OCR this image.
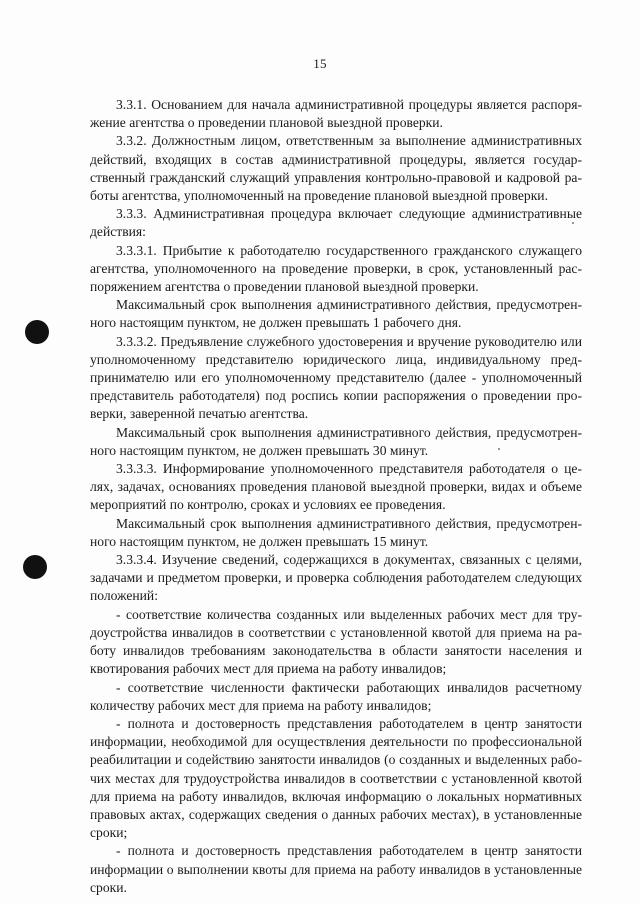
15

3.3.1. Основанием для начала административной процедуры является распоряжение агентства о проведении плановой выездной проверки.

3.3.2. Должностным лицом, ответственным за выполнение административных действий, входящих в состав административной процедуры, является государственный гражданский служащий управления контрольно-правовой и кадровой работы агентства, уполномоченный на проведение плановой выездной проверки.

3.3.3. Административная процедура включает следующие административные действия:

3.3.3.1. Прибытие к работодателю государственного гражданского служащего агентства, уполномоченного на проведение проверки, в срок, установленный распоряжением агентства о проведении плановой выездной проверки.

Максимальный срок выполнения административного действия, предусмотренного настоящим пунктом, не должен превышать 1 рабочего дня.

3.3.3.2. Предъявление служебного удостоверения и вручение руководителю или уполномоченному представителю юридического лица, индивидуальному предпринимателю или его уполномоченному представителю (далее - уполномоченный представитель работодателя) под роспись копии распоряжения о проведении проверки, заверенной печатью агентства.

Максимальный срок выполнения административного действия, предусмотренного настоящим пунктом, не должен превышать 30 минут.

3.3.3.3. Информирование уполномоченного представителя работодателя о целях, задачах, основаниях проведения плановой выездной проверки, видах и объеме мероприятий по контролю, сроках и условиях ее проведения.

Максимальный срок выполнения административного действия, предусмотренного настоящим пунктом, не должен превышать 15 минут.

3.3.3.4. Изучение сведений, содержащихся в документах, связанных с целями, задачами и предметом проверки, и проверка соблюдения работодателем следующих положений:

- соответствие количества созданных или выделенных рабочих мест для трудоустройства инвалидов в соответствии с установленной квотой для приема на работу инвалидов требованиям законодательства в области занятости населения и квотирования рабочих мест для приема на работу инвалидов;

- соответствие численности фактически работающих инвалидов расчетному количеству рабочих мест для приема на работу инвалидов;

- полнота и достоверность представления работодателем в центр занятости информации, необходимой для осуществления деятельности по профессиональной реабилитации и содействию занятости инвалидов (о созданных и выделенных рабочих местах для трудоустройства инвалидов в соответствии с установленной квотой для приема на работу инвалидов, включая информацию о локальных нормативных правовых актах, содержащих сведения о данных рабочих местах), в установленные сроки;

- полнота и достоверность представления работодателем в центр занятости информации о выполнении квоты для приема на работу инвалидов в установленные сроки.
